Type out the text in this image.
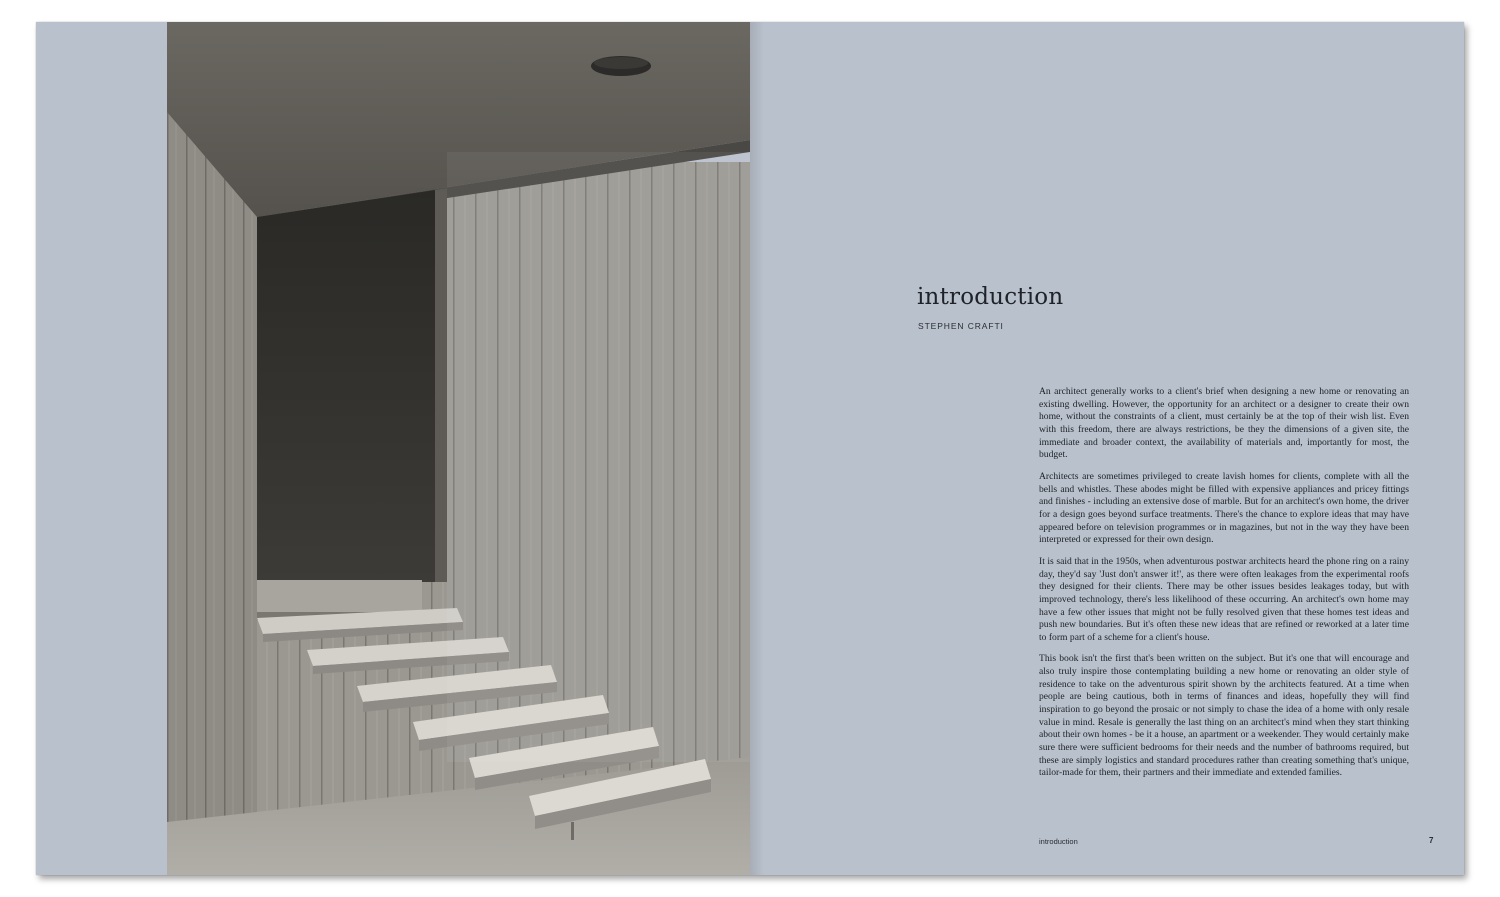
introduction
STEPHEN CRAFTI

An architect generally works to a client's brief when designing a new home or renovating an existing dwelling. However, the opportunity for an architect or a designer to create their own home, without the constraints of a client, must certainly be at the top of their wish list. Even with this freedom, there are always restrictions, be they the dimensions of a given site, the immediate and broader context, the availability of materials and, importantly for most, the budget.

Architects are sometimes privileged to create lavish homes for clients, complete with all the bells and whistles. These abodes might be filled with expensive appliances and pricey fittings and finishes - including an extensive dose of marble. But for an architect's own home, the driver for a design goes beyond surface treatments. There's the chance to explore ideas that may have appeared before on television programmes or in magazines, but not in the way they have been interpreted or expressed for their own design.

It is said that in the 1950s, when adventurous postwar architects heard the phone ring on a rainy day, they'd say 'Just don't answer it!', as there were often leakages from the experimental roofs they designed for their clients. There may be other issues besides leakages today, but with improved technology, there's less likelihood of these occurring. An architect's own home may have a few other issues that might not be fully resolved given that these homes test ideas and push new boundaries. But it's often these new ideas that are refined or reworked at a later time to form part of a scheme for a client's house.

This book isn't the first that's been written on the subject. But it's one that will encourage and also truly inspire those contemplating building a new home or renovating an older style of residence to take on the adventurous spirit shown by the architects featured. At a time when people are being cautious, both in terms of finances and ideas, hopefully they will find inspiration to go beyond the prosaic or not simply to chase the idea of a home with only resale value in mind. Resale is generally the last thing on an architect's mind when they start thinking about their own homes - be it a house, an apartment or a weekender. They would certainly make sure there were sufficient bedrooms for their needs and the number of bathrooms required, but these are simply logistics and standard procedures rather than creating something that's unique, tailor-made for them, their partners and their immediate and extended families.

introduction	7
